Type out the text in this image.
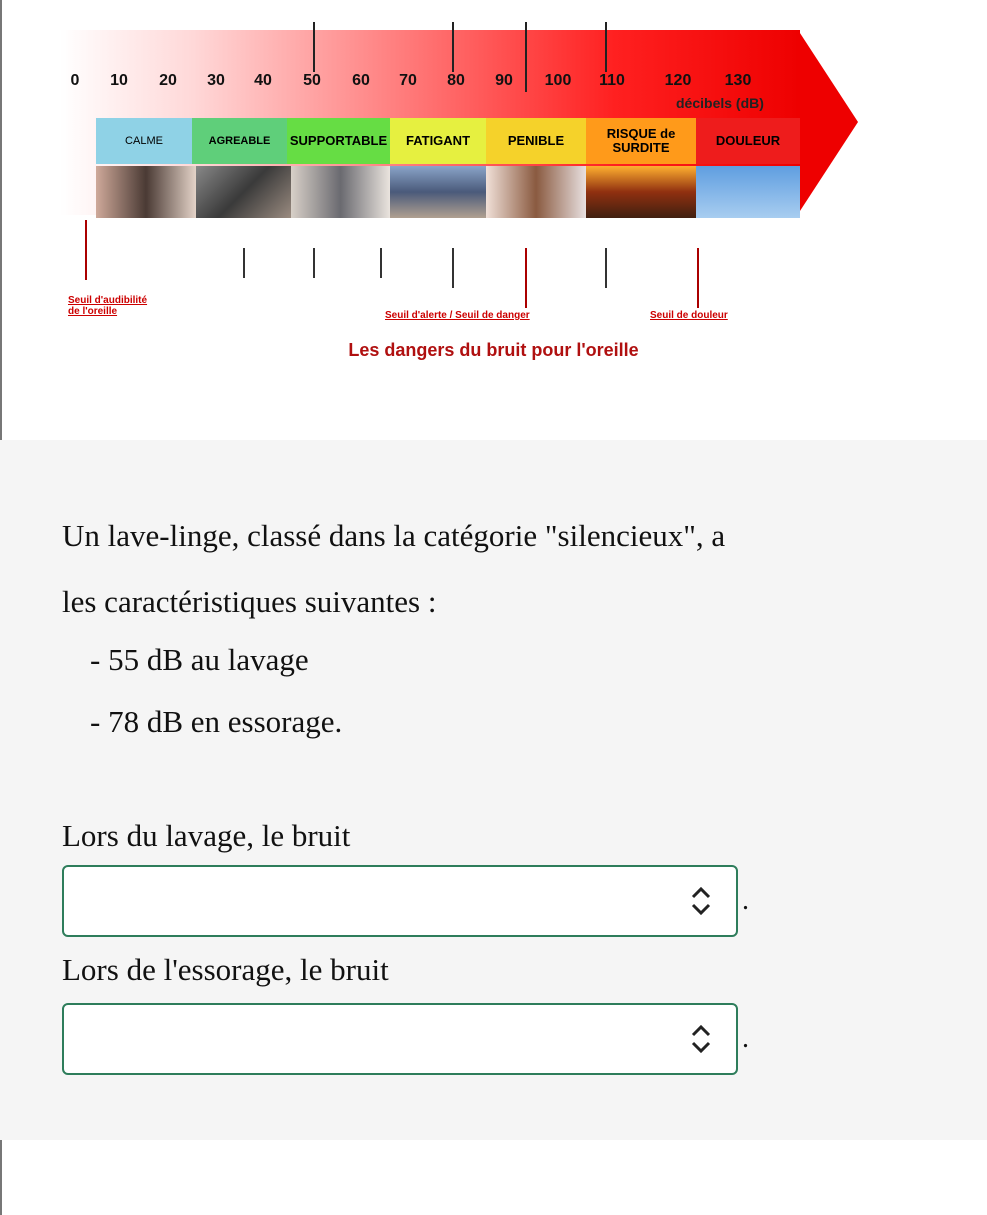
0	10	20	30	40	50	60	70	80	90	100	110	120	130
décibels (dB)
CALME	AGREABLE	SUPPORTABLE	FATIGANT	PENIBLE	RISQUE de SURDITE	DOULEUR
Seuil d'audibilité de l'oreille	Seuil d'alerte / Seuil de danger	Seuil de douleur
Les dangers du bruit pour l'oreille
Un lave-linge, classé dans la catégorie "silencieux", a
les caractéristiques suivantes :
- 55 dB au lavage
- 78 dB en essorage.
Lors du lavage, le bruit
.
Lors de l'essorage, le bruit
.
